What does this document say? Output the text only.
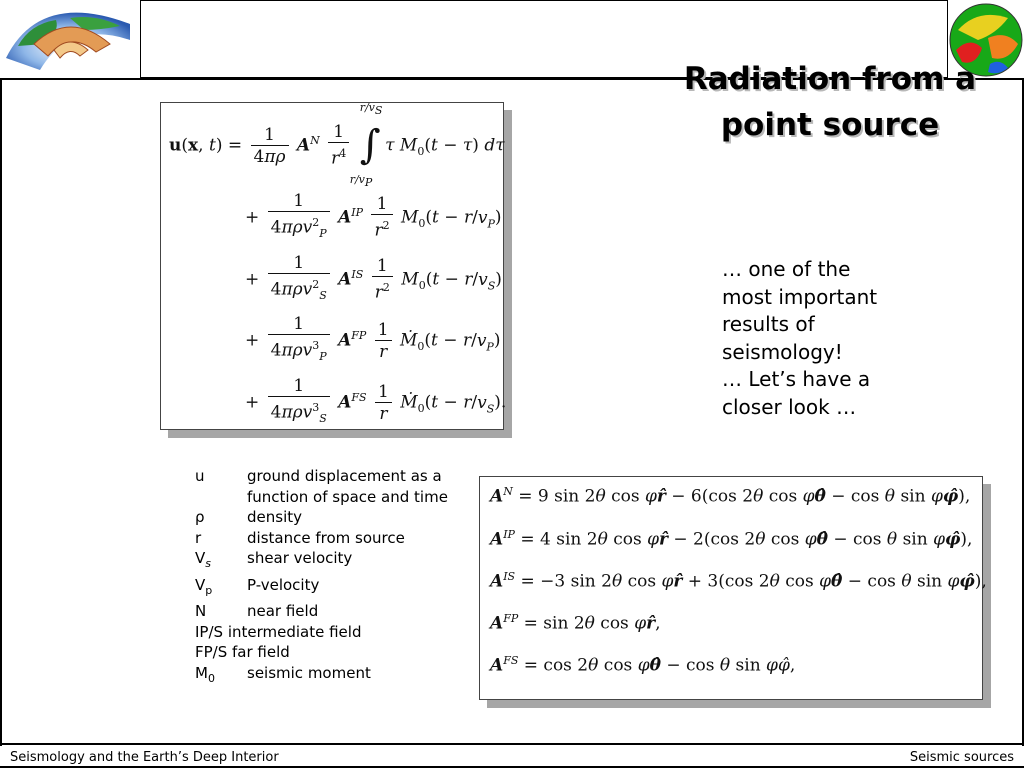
Radiation from a
point source
u(x, $t) = \frac{1}{4\pi\rho} A^N \frac{1}{r^4}$

$r/v_S$
∫
$r/v_P$
τ $M_0(t - \tau)$ dτ
+ $\frac{1}{4\pi\rho v^2_P} A^{IP} \frac{1}{r^2} M_0(t - r/v_P)$
+ $\frac{1}{4\pi\rho v^2_S} A^{IS} \frac{1}{r^2} M_0(t - r/v_S)$
+ $\frac{1}{4\pi\rho v^3_P} A^{FP} \frac{1}{r}$ Ṁ$_0$(t − $r/v_P$)
+ $\frac{1}{4\pi\rho v^3_S} A^{FS} \frac{1}{r}$ Ṁ$_0$(t − $r/v_S$).

… one of the

most important

results of

seismology!

… Let’s have a

closer look …

u	ground displacement as a function of space and time
ρ	density
r	distance from source
$V_s$	shear velocity
$V_p$	P-velocity
N	near field
IP/S intermediate field
FP/S far field
$M_0$	seismic moment
$A^N = 9$ sin 2θ cos φr̂ − 6(cos 2θ cos φθ̂ − cos θ sin φφ̂),
$A^{IP} = 4$ sin 2θ cos φr̂ − 2(cos 2θ cos φθ̂ − cos θ sin φφ̂),
$A^{IS} = -3$ sin 2θ cos φr̂ + 3(cos 2θ cos φθ̂ − cos θ sin φφ̂),
$A^{FP} = \sin 2\theta$ cos φr̂,
$A^{FS} = \cos 2\theta$ cos φθ̂ − cos θ sin φφ̂,
Seismology and the Earth’s Deep Interior	Seismic sources
